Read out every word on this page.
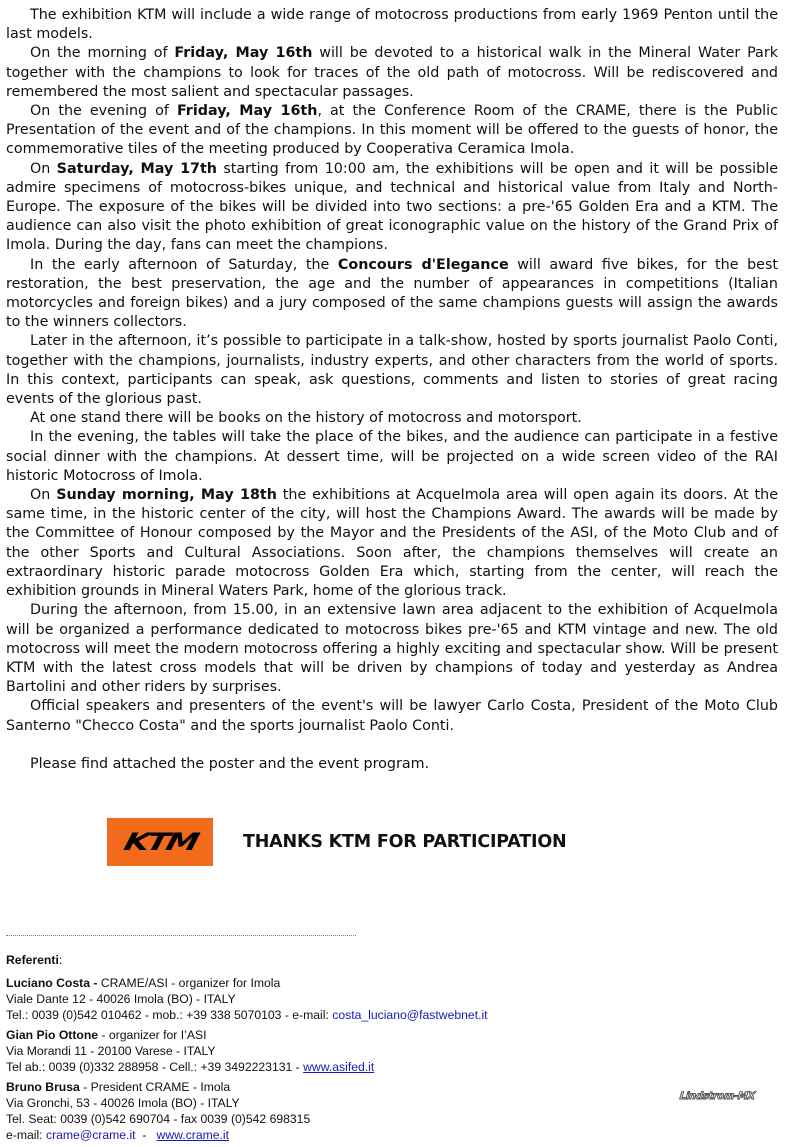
The exhibition KTM will include a wide range of motocross productions from early 1969 Penton until the last models.

On the morning of Friday, May 16th will be devoted to a historical walk in the Mineral Water Park together with the champions to look for traces of the old path of motocross. Will be rediscovered and remembered the most salient and spectacular passages.

On the evening of Friday, May 16th, at the Conference Room of the CRAME, there is the Public Presentation of the event and of the champions. In this moment will be offered to the guests of honor, the commemorative tiles of the meeting produced by Cooperativa Ceramica Imola.

On Saturday, May 17th starting from 10:00 am, the exhibitions will be open and it will be possible admire specimens of motocross-bikes unique, and technical and historical value from Italy and North-Europe. The exposure of the bikes will be divided into two sections: a pre-'65 Golden Era and a KTM. The audience can also visit the photo exhibition of great iconographic value on the history of the Grand Prix of Imola. During the day, fans can meet the champions.

In the early afternoon of Saturday, the Concours d'Elegance will award five bikes, for the best restoration, the best preservation, the age and the number of appearances in competitions (Italian motorcycles and foreign bikes) and a jury composed of the same champions guests will assign the awards to the winners collectors.

Later in the afternoon, it’s possible to participate in a talk-show, hosted by sports journalist Paolo Conti, together with the champions, journalists, industry experts, and other characters from the world of sports. In this context, participants can speak, ask questions, comments and listen to stories of great racing events of the glorious past.

At one stand there will be books on the history of motocross and motorsport.

In the evening, the tables will take the place of the bikes, and the audience can participate in a festive social dinner with the champions. At dessert time, will be projected on a wide screen video of the RAI historic Motocross of Imola.

On Sunday morning, May 18th the exhibitions at AcqueImola area will open again its doors. At the same time, in the historic center of the city, will host the Champions Award. The awards will be made by the Committee of Honour composed by the Mayor and the Presidents of the ASI, of the Moto Club and of the other Sports and Cultural Associations. Soon after, the champions themselves will create an extraordinary historic parade motocross Golden Era which, starting from the center, will reach the exhibition grounds in Mineral Waters Park, home of the glorious track.

During the afternoon, from 15.00, in an extensive lawn area adjacent to the exhibition of AcqueImola will be organized a performance dedicated to motocross bikes pre-'65 and KTM vintage and new. The old motocross will meet the modern motocross offering a highly exciting and spectacular show. Will be present KTM with the latest cross models that will be driven by champions of today and yesterday as Andrea Bartolini and other riders by surprises.

Official speakers and presenters of the event's will be lawyer Carlo Costa, President of the Moto Club Santerno "Checco Costa" and the sports journalist Paolo Conti.

Please find attached the poster and the event program.

KTM	THANKS KTM FOR PARTICIPATION
Referenti:
Luciano Costa - CRAME/ASI - organizer for Imola
Viale Dante 12 - 40026 Imola (BO) - ITALY
Tel.: 0039 (0)542 010462 - mob.: +39 338 5070103 - e-mail: costa_luciano@fastwebnet.it
Gian Pio Ottone - organizer for I’ASI
Via Morandi 11 - 20100 Varese - ITALY
Tel ab.: 0039 (0)332 288958 - Cell.: +39 3492223131 - www.asifed.it
Bruno Brusa - President CRAME - Imola
Via Gronchi, 53 - 40026 Imola (BO) - ITALY
Tel. Seat: 0039 (0)542 690704 - fax 0039 (0)542 698315
e-mail: crame@crame.it  -   www.crame.it
Lindstrom-MX
